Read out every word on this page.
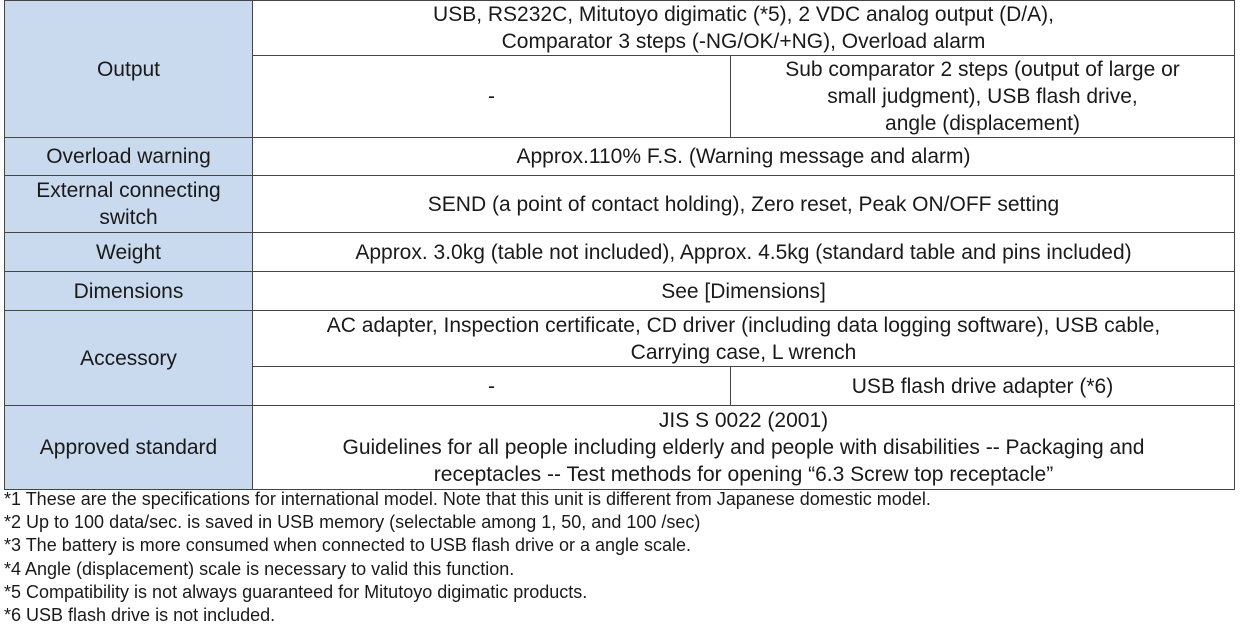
Output	USB, RS232C, Mitutoyo digimatic (*5), 2 VDC analog output (D/A),
Comparator 3 steps (-NG/OK/+NG), Overload alarm	

	-	Sub comparator 2 steps (output of large or
small judgment), USB flash drive,
angle (displacement)

Overload warning	Approx.110% F.S. (Warning message and alarm)	

External connecting
switch	SEND (a point of contact holding), Zero reset, Peak ON/OFF setting	
Weight	Approx. 3.0kg (table not included), Approx. 4.5kg (standard table and pins included)	
Dimensions	See [Dimensions]	
Accessory	AC adapter, Inspection certificate, CD driver (including data logging software), USB cable,
Carrying case, L wrench	

	-	USB flash drive adapter (*6)
Approved standard	JIS S 0022 (2001)
Guidelines for all people including elderly and people with disabilities -- Packaging and
receptacles -- Test methods for opening “6.3 Screw top receptacle”	
*1 These are the specifications for international model. Note that this unit is different from Japanese domestic model.
*2 Up to 100 data/sec. is saved in USB memory (selectable among 1, 50, and 100 /sec)
*3 The battery is more consumed when connected to USB flash drive or a angle scale.
*4 Angle (displacement) scale is necessary to valid this function.
*5 Compatibility is not always guaranteed for Mitutoyo digimatic products.
*6 USB flash drive is not included.
